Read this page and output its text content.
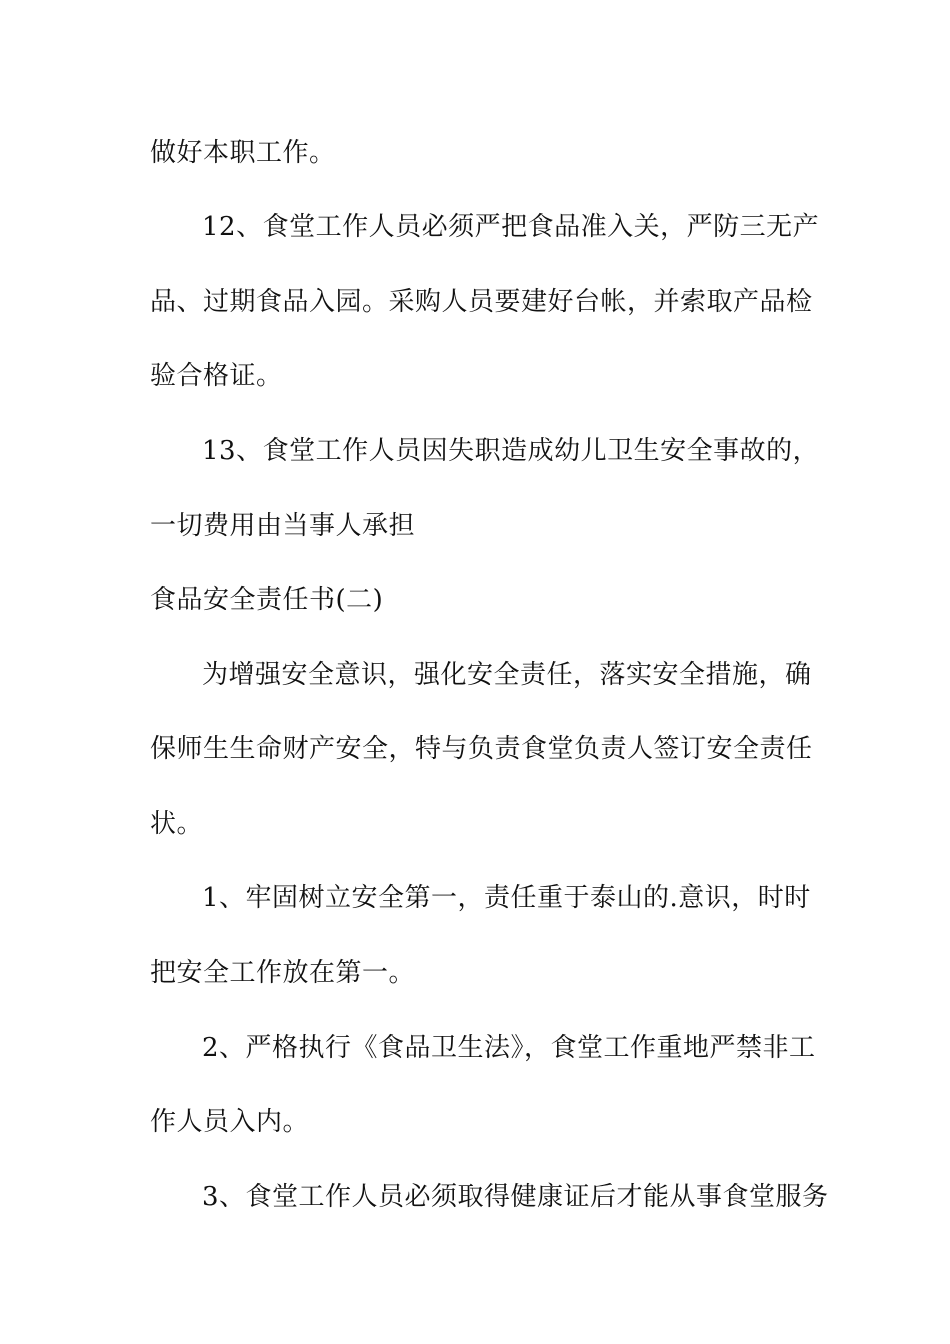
做好本职工作。
12、食堂工作人员必须严把食品准入关，严防三无产
品、过期食品入园。采购人员要建好台帐，并索取产品检
验合格证。
13、食堂工作人员因失职造成幼儿卫生安全事故的，
一切费用由当事人承担
食品安全责任书(二)
为增强安全意识，强化安全责任，落实安全措施，确
保师生生命财产安全，特与负责食堂负责人签订安全责任
状。
1、牢固树立安全第一，责任重于泰山的.意识，时时
把安全工作放在第一。
2、严格执行《食品卫生法》，食堂工作重地严禁非工
作人员入内。
3、食堂工作人员必须取得健康证后才能从事食堂服务
